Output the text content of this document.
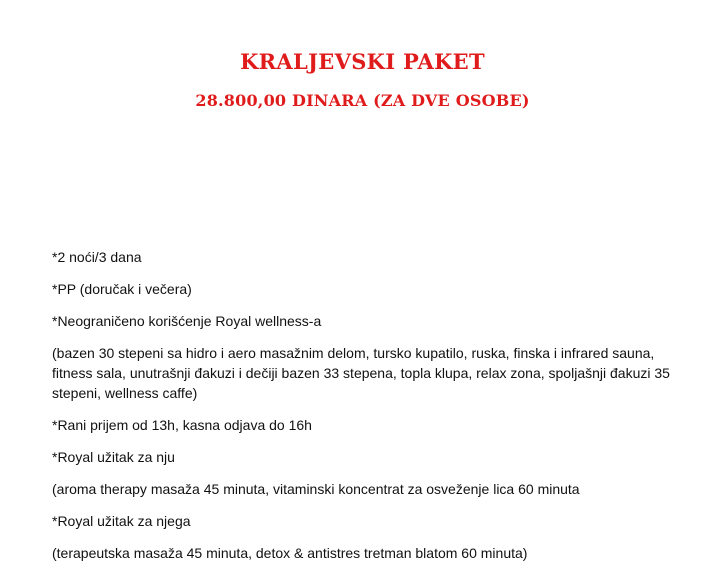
KRALJEVSKI PAKET
28.800,00 DINARA (ZA DVE OSOBE)

*2 noći/3 dana

*PP (doručak i večera)

*Neograničeno korišćenje Royal wellness-a

(bazen 30 stepeni sa hidro i aero masažnim delom, tursko kupatilo, ruska, finska i infrared sauna, fitness sala, unutrašnji đakuzi i dečiji bazen 33 stepena, topla klupa, relax zona, spoljašnji đakuzi 35 stepeni, wellness caffe)

*Rani prijem od 13h, kasna odjava do 16h

*Royal užitak za nju

(aroma therapy masaža 45 minuta, vitaminski koncentrat za osveženje lica 60 minuta

*Royal užitak za njega

(terapeutska masaža 45 minuta, detox & antistres tretman blatom 60 minuta)
